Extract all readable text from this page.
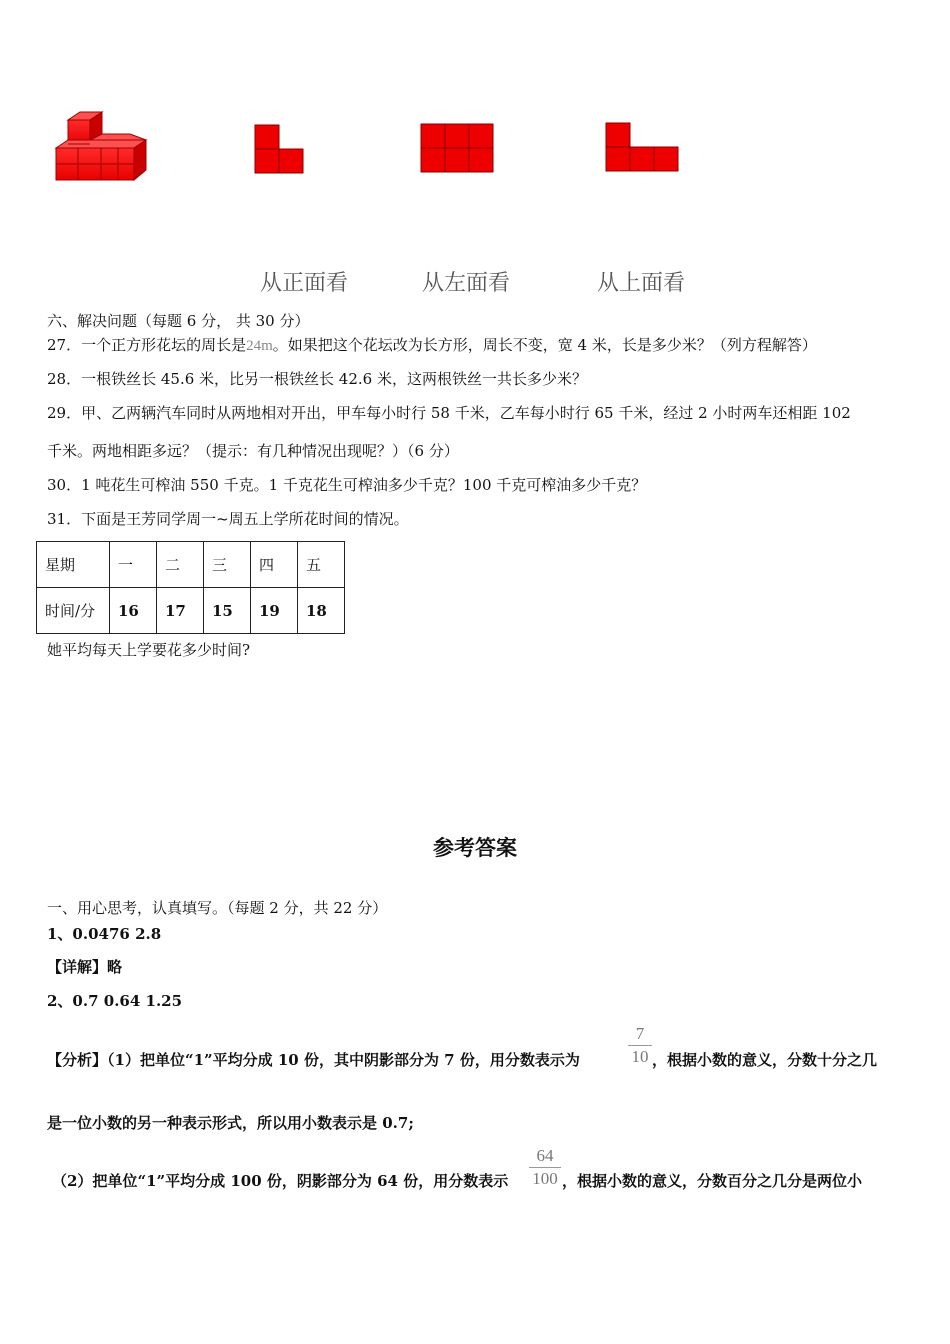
从正面看	从左面看	从上面看
六、解决问题（每题 6 分， 共 30 分）
27．一个正方形花坛的周长是24m。如果把这个花坛改为长方形，周长不变，宽 4 米，长是多少米？（列方程解答）
28．一根铁丝长 45.6 米，比另一根铁丝长 42.6 米，这两根铁丝一共长多少米？
29．甲、乙两辆汽车同时从两地相对开出，甲车每小时行 58 千米，乙车每小时行 65 千米，经过 2 小时两车还相距 102
千米。两地相距多远？（提示：有几种情况出现呢？）（6 分）
30．1 吨花生可榨油 550 千克。1 千克花生可榨油多少千克？100 千克可榨油多少千克？
31．下面是王芳同学周一~周五上学所花时间的情况。
星期	一	二	三	四	五
时间/分	16	17	15	19	18
她平均每天上学要花多少时间?
参考答案
一、用心思考，认真填写。（每题 2 分，共 22 分）
1、0.0476 2.8
【详解】略
2、0.7 0.64 1.25
【分析】（1）把单位“1”平均分成 10 份，其中阴影部分为 7 份，用分数表示为
7
10 ，根据小数的意义，分数十分之几
是一位小数的另一种表示形式，所以用小数表示是 0.7;
（2）把单位“1”平均分成 100 份，阴影部分为 64 份，用分数表示
64
100 ，根据小数的意义，分数百分之几分是两位小
